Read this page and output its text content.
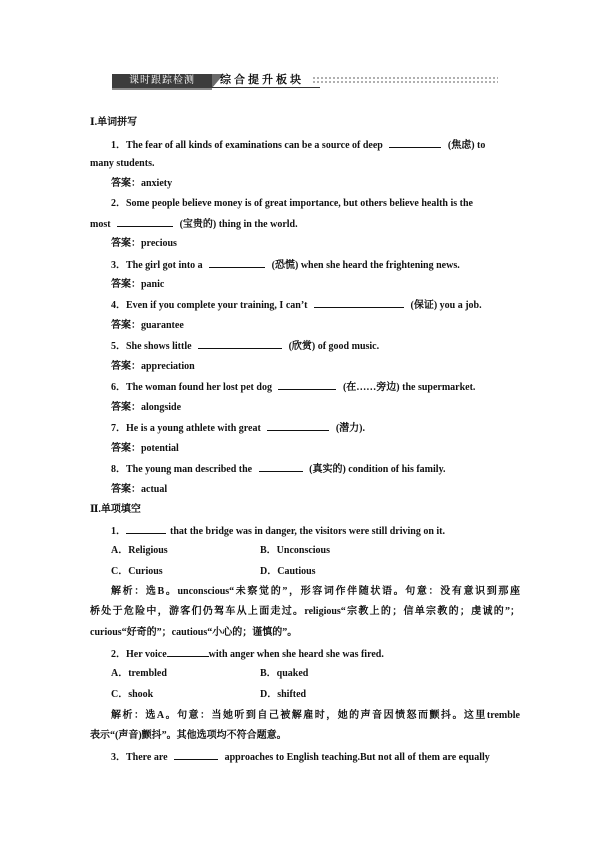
课时跟踪检测	综合提升板块
Ⅰ.单词拼写
1．The fear of all kinds of examinations can be a source of deep	(焦虑) to
many students.
答案：anxiety
2．Some people believe money is of great importance, but others believe health is the
most	(宝贵的) thing in the world.
答案：precious
3．The girl got into a	(恐慌) when she heard the frightening news.
答案：panic
4．Even if you complete your training, I can’t	(保证) you a job.
答案：guarantee
5．She shows little	(欣赏) of good music.
答案：appreciation
6．The woman found her lost pet dog	(在……旁边) the supermarket.
答案：alongside
7．He is a young athlete with great	(潜力).
答案：potential
8．The young man described the	(真实的) condition of his family.
答案：actual
Ⅱ.单项填空
1．	that the bridge was in danger, the visitors were still driving on it.
A．Religious	B．Unconscious
C．Curious	D．Cautious
解析：选B。unconscious“未察觉的”，形容词作伴随状语。句意：没有意识到那座
桥处于危险中，游客们仍驾车从上面走过。religious“宗教上的；信单宗教的；虔诚的”；
curious“好奇的”；cautious“小心的；谨慎的”。
2．Her voice	with anger when she heard she was fired.
A．trembled	B．quaked
C．shook	D．shifted
解析：选A。句意：当她听到自己被解雇时，她的声音因愤怒而颤抖。这里tremble
表示“(声音)颤抖”。其他选项均不符合题意。
3．There are	approaches to English teaching.But not all of them are equally
